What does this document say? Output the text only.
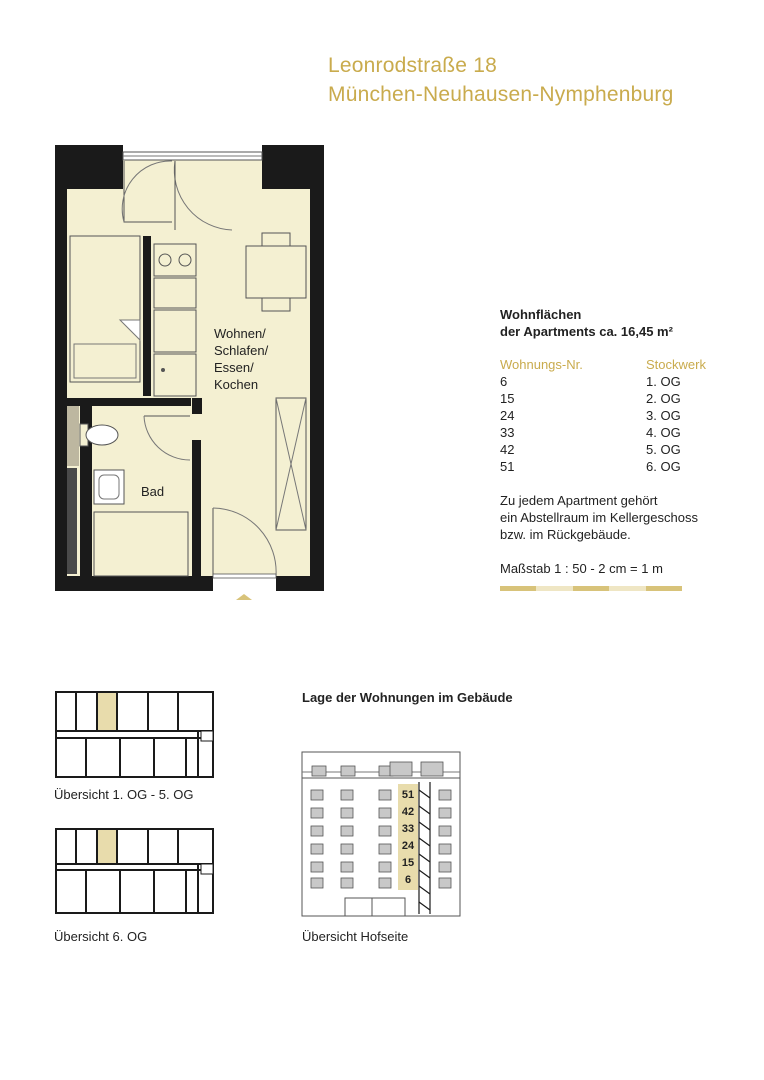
Leonrodstraße 18
München-Neuhausen-Nymphenburg
Wohnen/
Schlafen/
Essen/
Kochen
Bad
Wohnflächen
der Apartments ca. 16,45 m²
Wohnungs-Nr.	Stockwerk
6	1. OG
15	2. OG
24	3. OG
33	4. OG
42	5. OG
51	6. OG
Zu jedem Apartment gehört
ein Abstellraum im Kellergeschoss
bzw. im Rückgebäude.
Maßstab 1 : 50 - 2 cm = 1 m
Lage der Wohnungen im Gebäude
Übersicht 1. OG - 5. OG
Übersicht 6. OG
51
42
33
24
15
6
Übersicht Hofseite
